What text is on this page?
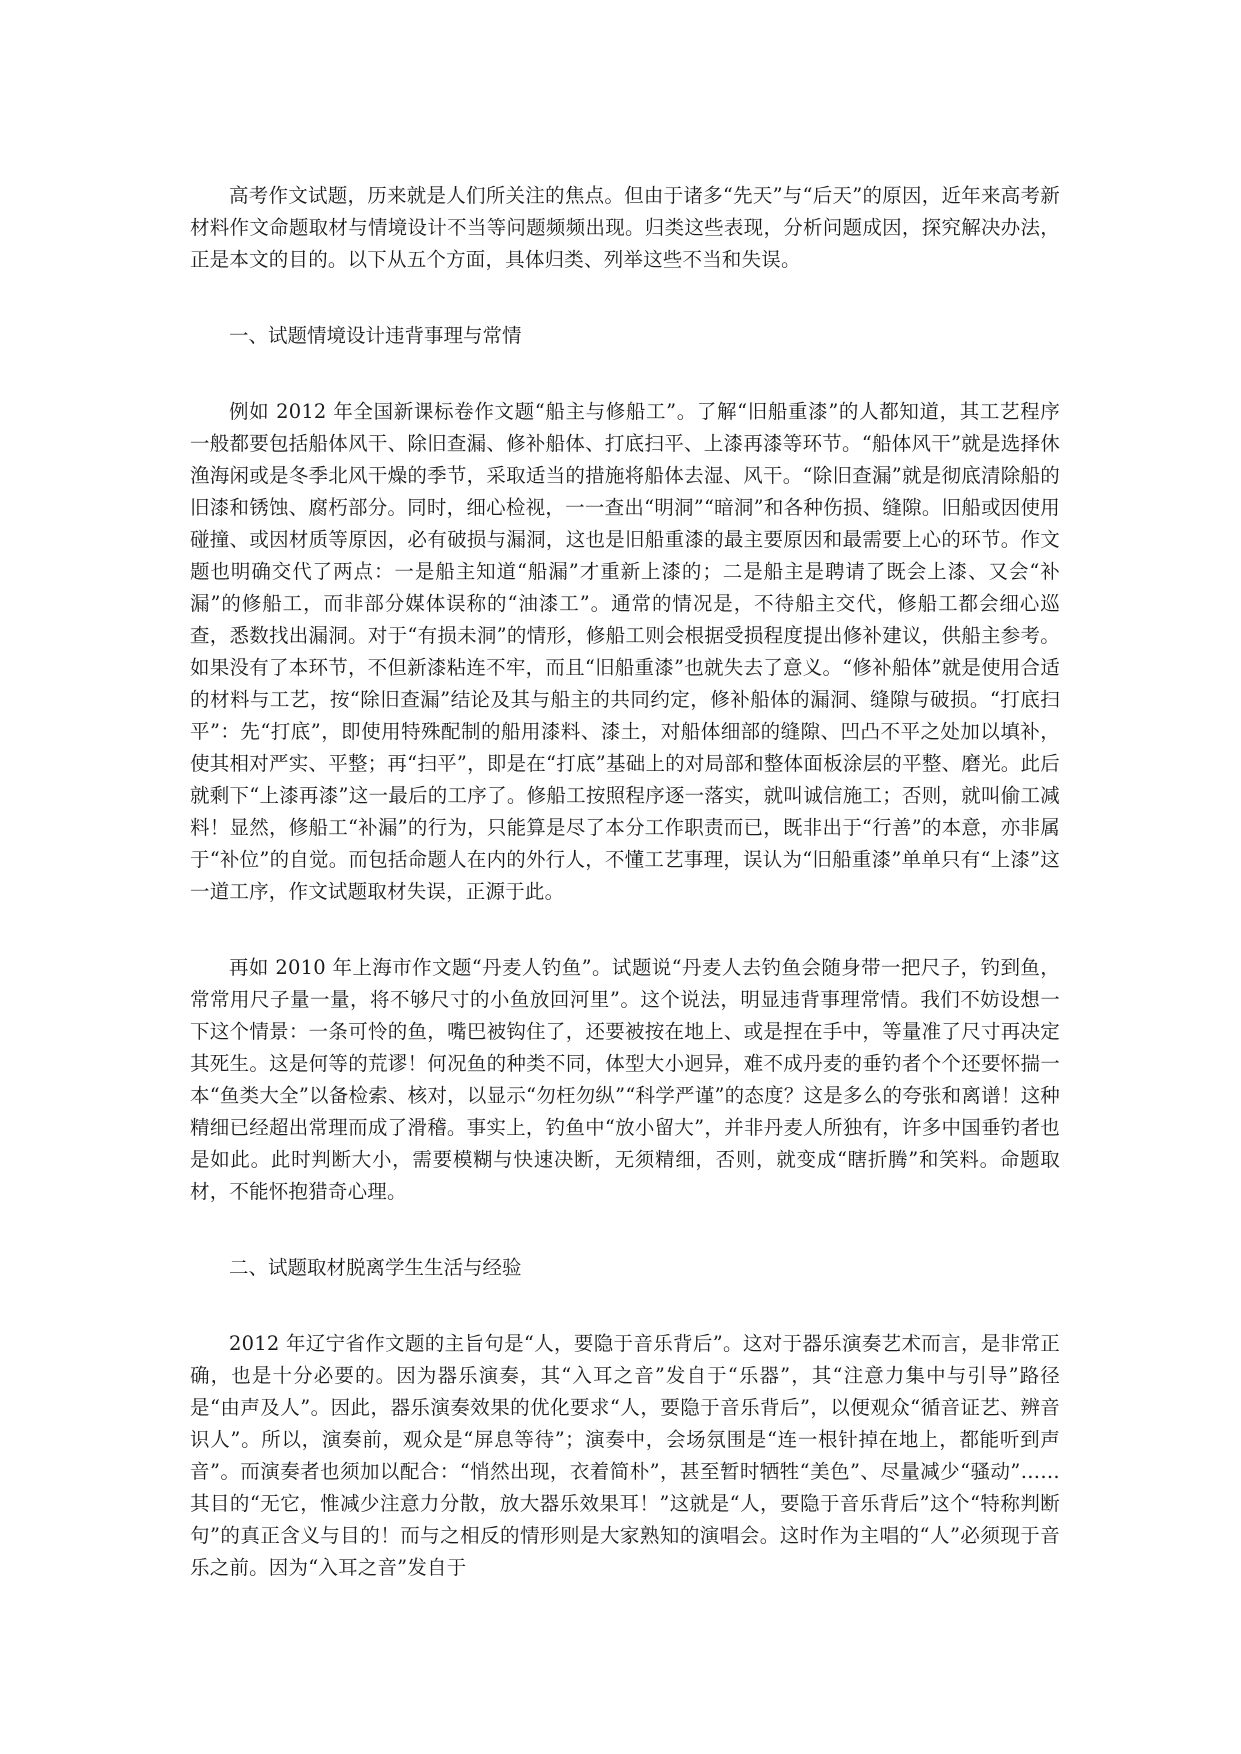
高考作文试题，历来就是人们所关注的焦点。但由于诸多“先天”与“后天”的原因，近年来高考新材料作文命题取材与情境设计不当等问题频频出现。归类这些表现，分析问题成因，探究解决办法，正是本文的目的。以下从五个方面，具体归类、列举这些不当和失误。

一、试题情境设计违背事理与常情

例如 2012 年全国新课标卷作文题“船主与修船工”。了解“旧船重漆”的人都知道，其工艺程序一般都要包括船体风干、除旧查漏、修补船体、打底扫平、上漆再漆等环节。“船体风干”就是选择休渔海闲或是冬季北风干燥的季节，采取适当的措施将船体去湿、风干。“除旧查漏”就是彻底清除船的旧漆和锈蚀、腐朽部分。同时，细心检视，一一查出“明洞”“暗洞”和各种伤损、缝隙。旧船或因使用碰撞、或因材质等原因，必有破损与漏洞，这也是旧船重漆的最主要原因和最需要上心的环节。作文题也明确交代了两点：一是船主知道“船漏”才重新上漆的；二是船主是聘请了既会上漆、又会“补漏”的修船工，而非部分媒体误称的“油漆工”。通常的情况是，不待船主交代，修船工都会细心巡查，悉数找出漏洞。对于“有损未洞”的情形，修船工则会根据受损程度提出修补建议，供船主参考。如果没有了本环节，不但新漆粘连不牢，而且“旧船重漆”也就失去了意义。“修补船体”就是使用合适的材料与工艺，按“除旧查漏”结论及其与船主的共同约定，修补船体的漏洞、缝隙与破损。“打底扫平”：先“打底”，即使用特殊配制的船用漆料、漆土，对船体细部的缝隙、凹凸不平之处加以填补，使其相对严实、平整；再“扫平”，即是在“打底”基础上的对局部和整体面板涂层的平整、磨光。此后就剩下“上漆再漆”这一最后的工序了。修船工按照程序逐一落实，就叫诚信施工；否则，就叫偷工减料！显然，修船工“补漏”的行为，只能算是尽了本分工作职责而已，既非出于“行善”的本意，亦非属于“补位”的自觉。而包括命题人在内的外行人，不懂工艺事理，误认为“旧船重漆”单单只有“上漆”这一道工序，作文试题取材失误，正源于此。

再如 2010 年上海市作文题“丹麦人钓鱼”。试题说“丹麦人去钓鱼会随身带一把尺子，钓到鱼，常常用尺子量一量，将不够尺寸的小鱼放回河里”。这个说法，明显违背事理常情。我们不妨设想一下这个情景：一条可怜的鱼，嘴巴被钩住了，还要被按在地上、或是捏在手中，等量准了尺寸再决定其死生。这是何等的荒谬！何况鱼的种类不同，体型大小迥异，难不成丹麦的垂钓者个个还要怀揣一本“鱼类大全”以备检索、核对，以显示“勿枉勿纵”“科学严谨”的态度？这是多么的夸张和离谱！这种精细已经超出常理而成了滑稽。事实上，钓鱼中“放小留大”，并非丹麦人所独有，许多中国垂钓者也是如此。此时判断大小，需要模糊与快速决断，无须精细，否则，就变成“瞎折腾”和笑料。命题取材，不能怀抱猎奇心理。

二、试题取材脱离学生生活与经验

2012 年辽宁省作文题的主旨句是“人，要隐于音乐背后”。这对于器乐演奏艺术而言，是非常正确，也是十分必要的。因为器乐演奏，其“入耳之音”发自于“乐器”，其“注意力集中与引导”路径是“由声及人”。因此，器乐演奏效果的优化要求“人，要隐于音乐背后”，以便观众“循音证艺、辨音识人”。所以，演奏前，观众是“屏息等待”；演奏中，会场氛围是“连一根针掉在地上，都能听到声音”。而演奏者也须加以配合：“悄然出现，衣着简朴”，甚至暂时牺牲“美色”、尽量减少“骚动”……其目的“无它，惟减少注意力分散，放大器乐效果耳！”这就是“人，要隐于音乐背后”这个“特称判断句”的真正含义与目的！而与之相反的情形则是大家熟知的演唱会。这时作为主唱的“人”必须现于音乐之前。因为“入耳之音”发自于
